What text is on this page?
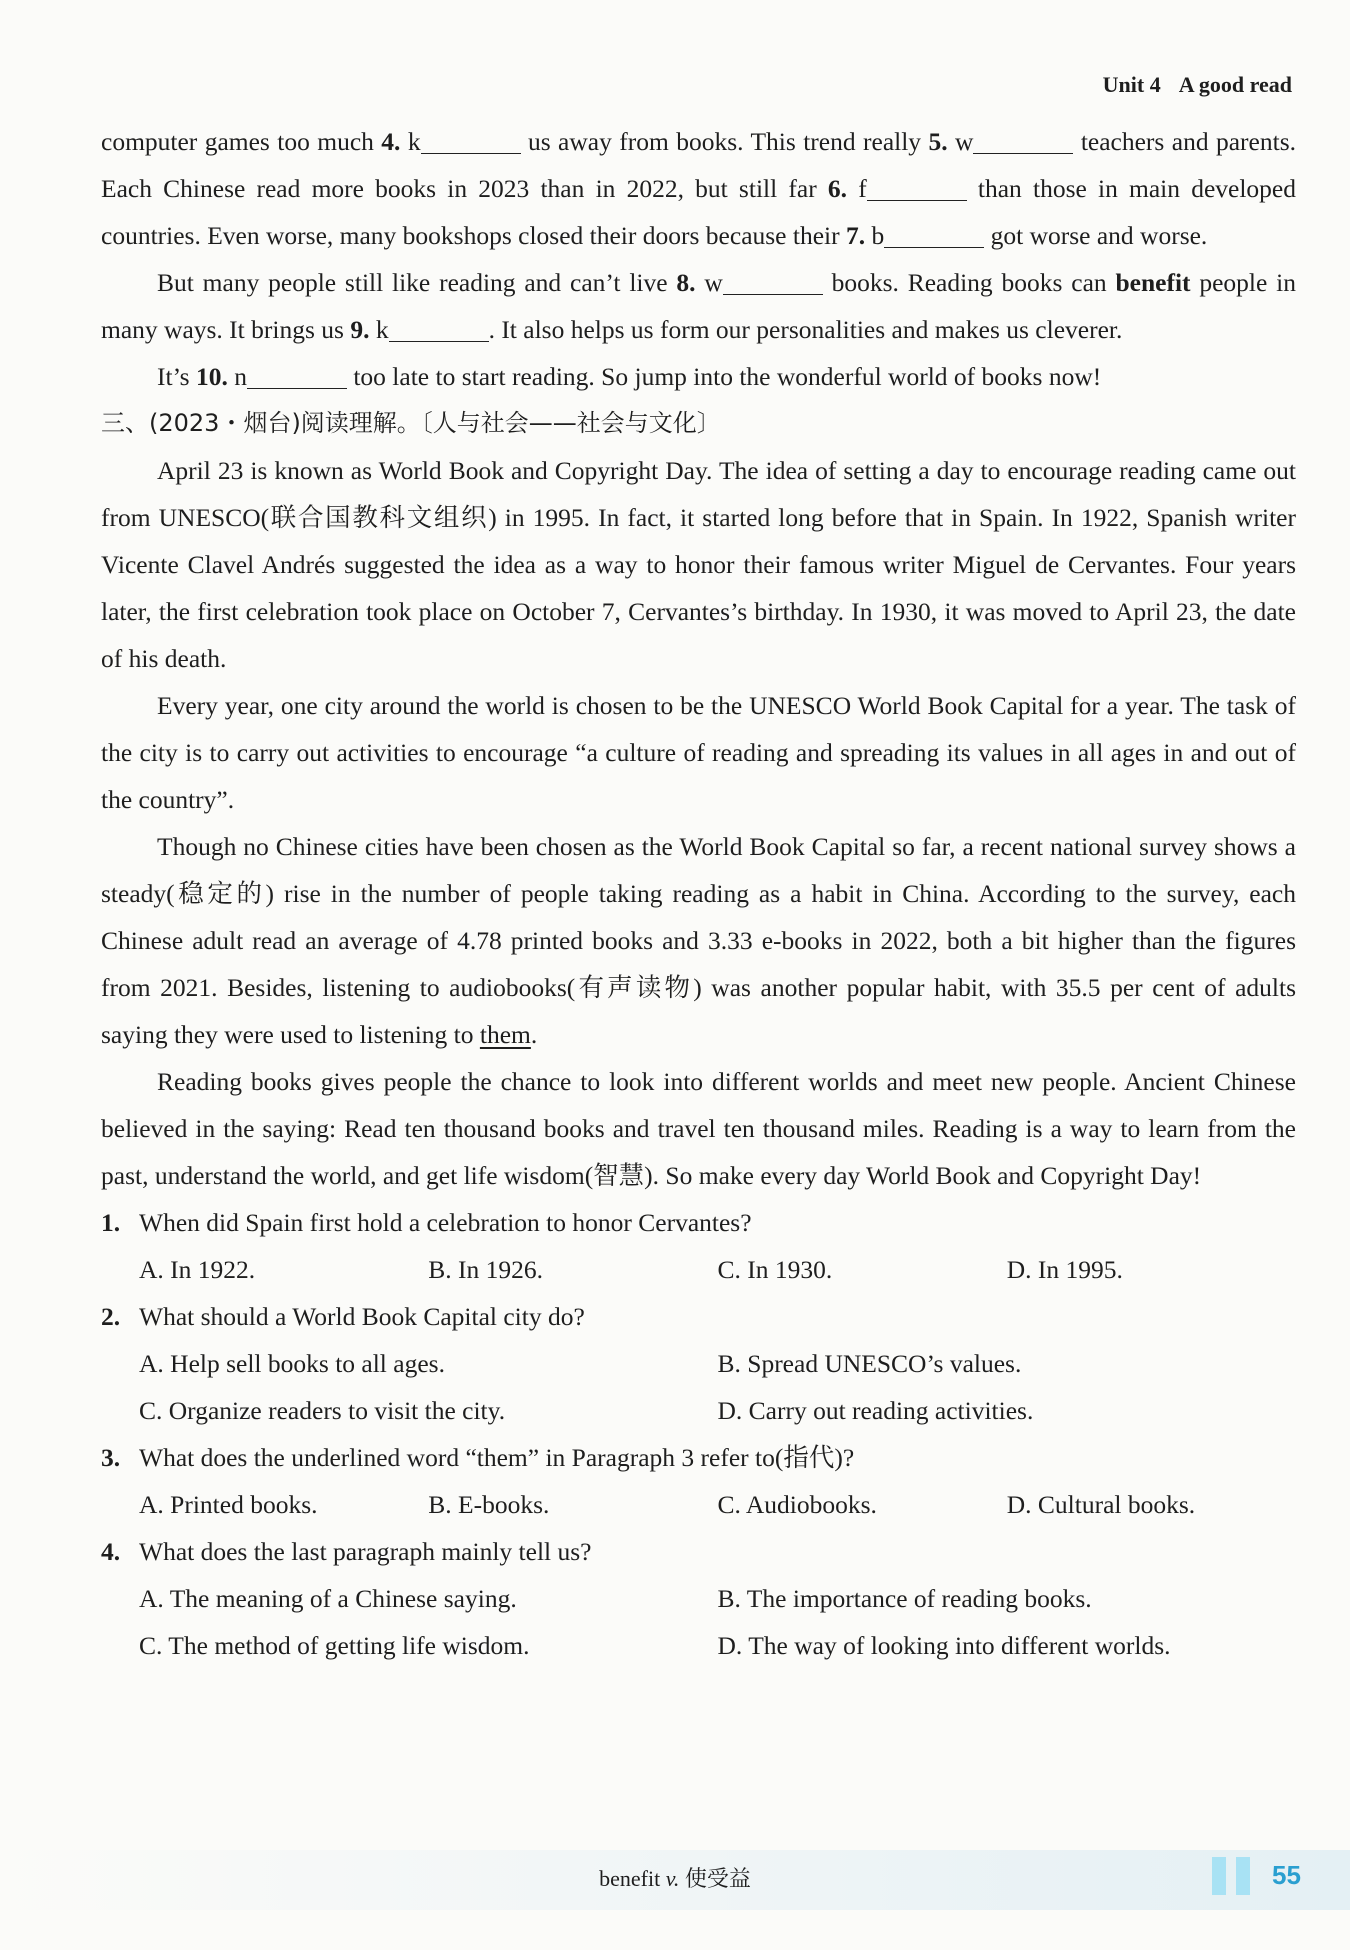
Unit 4 A good read

computer games too much 4. k	us away from books. This trend really 5. w	teachers and parents. Each Chinese read more books in 2023 than in 2022, but still far 6. f	than those in main developed countries. Even worse, many bookshops closed their doors because their 7. b	got worse and worse.

But many people still like reading and can’t live 8. w	books. Reading books can benefit people in many ways. It brings us 9. k	. It also helps us form our personalities and makes us cleverer.

It’s 10. n	too late to start reading. So jump into the wonderful world of books now!

三、(2023・烟台)阅读理解。〔人与社会——社会与文化〕

April 23 is known as World Book and Copyright Day. The idea of setting a day to encourage reading came out from UNESCO(联合国教科文组织) in 1995. In fact, it started long before that in Spain. In 1922, Spanish writer Vicente Clavel Andrés suggested the idea as a way to honor their famous writer Miguel de Cervantes. Four years later, the first celebration took place on October 7, Cervantes’s birthday. In 1930, it was moved to April 23, the date of his death.

Every year, one city around the world is chosen to be the UNESCO World Book Capital for a year. The task of the city is to carry out activities to encourage “a culture of reading and spreading its values in all ages in and out of the country”.

Though no Chinese cities have been chosen as the World Book Capital so far, a recent national survey shows a steady(稳定的) rise in the number of people taking reading as a habit in China. According to the survey, each Chinese adult read an average of 4.78 printed books and 3.33 e-books in 2022, both a bit higher than the figures from 2021. Besides, listening to audiobooks(有声读物) was another popular habit, with 35.5 per cent of adults saying they were used to listening to them.

Reading books gives people the chance to look into different worlds and meet new people. Ancient Chinese believed in the saying: Read ten thousand books and travel ten thousand miles. Reading is a way to learn from the past, understand the world, and get life wisdom(智慧). So make every day World Book and Copyright Day!

1. When did Spain first hold a celebration to honor Cervantes?

A. In 1922.	B. In 1926.	C. In 1930.	D. In 1995.

2. What should a World Book Capital city do?

A. Help sell books to all ages.	B. Spread UNESCO’s values.
C. Organize readers to visit the city.	D. Carry out reading activities.

3. What does the underlined word “them” in Paragraph 3 refer to(指代)?

A. Printed books.	B. E-books.	C. Audiobooks.	D. Cultural books.

4. What does the last paragraph mainly tell us?

A. The meaning of a Chinese saying.	B. The importance of reading books.
C. The method of getting life wisdom.	D. The way of looking into different worlds.
benefit v. 使受益	55
